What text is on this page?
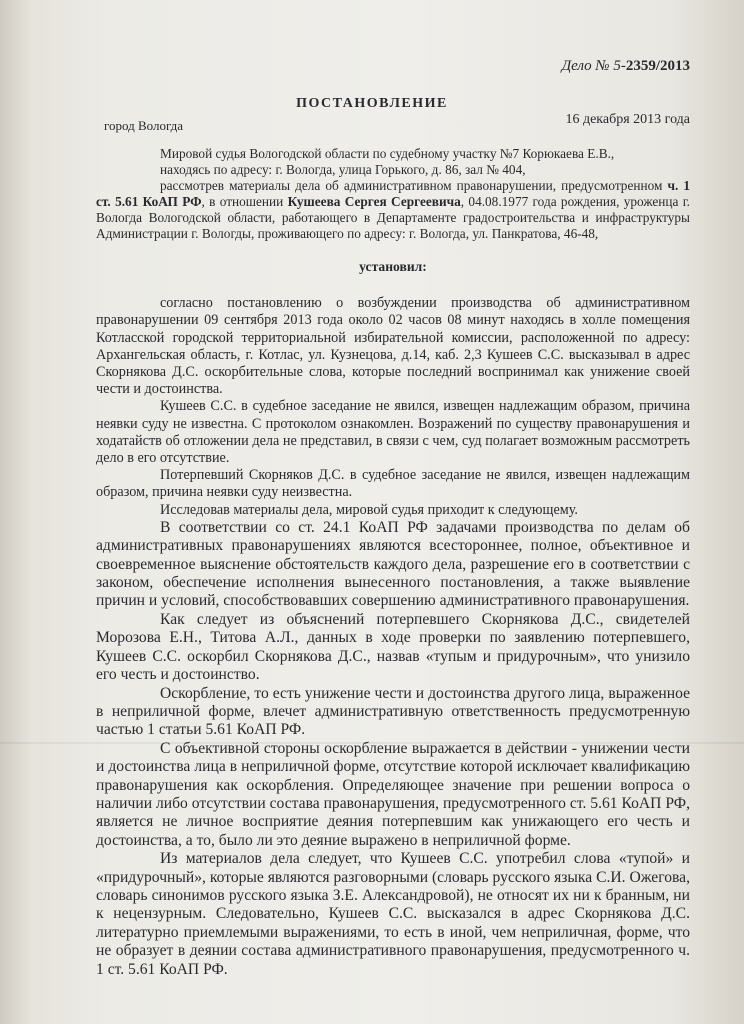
Дело № 5-2359/2013
ПОСТАНОВЛЕНИЕ
город Вологда	16 декабря 2013 года

Мировой судья Вологодской области по судебному участку №7 Корюкаева Е.В.,

находясь по адресу: г. Вологда, улица Горького, д. 86, зал № 404,

рассмотрев материалы дела об административном правонарушении, предусмотренном ч. 1 ст. 5.61 КоАП РФ, в отношении Кушеева Сергея Сергеевича, 04.08.1977 года рождения, уроженца г. Вологда Вологодской области, работающего в Департаменте градостроительства и инфраструктуры Администрации г. Вологды, проживающего по адресу: г. Вологда, ул. Панкратова, 46-48,

установил:

согласно постановлению о возбуждении производства об административном правонарушении 09 сентября 2013 года около 02 часов 08 минут находясь в холле помещения Котласской городской территориальной избирательной комиссии, расположенной по адресу: Архангельская область, г. Котлас, ул. Кузнецова, д.14, каб. 2,3 Кушеев С.С. высказывал в адрес Скорнякова Д.С. оскорбительные слова, которые последний воспринимал как унижение своей чести и достоинства.

Кушеев С.С. в судебное заседание не явился, извещен надлежащим образом, причина неявки суду не известна. С протоколом ознакомлен. Возражений по существу правонарушения и ходатайств об отложении дела не представил, в связи с чем, суд полагает возможным рассмотреть дело в его отсутствие.

Потерпевший Скорняков Д.С. в судебное заседание не явился, извещен надлежащим образом, причина неявки суду неизвестна.

Исследовав материалы дела, мировой судья приходит к следующему.

В соответствии со ст. 24.1 КоАП РФ задачами производства по делам об административных правонарушениях являются всестороннее, полное, объективное и своевременное выяснение обстоятельств каждого дела, разрешение его в соответствии с законом, обеспечение исполнения вынесенного постановления, а также выявление причин и условий, способствовавших совершению административного правонарушения.

Как следует из объяснений потерпевшего Скорнякова Д.С., свидетелей Морозова Е.Н., Титова А.Л., данных в ходе проверки по заявлению потерпевшего, Кушеев С.С. оскорбил Скорнякова Д.С., назвав «тупым и придурочным», что унизило его честь и достоинство.

Оскорбление, то есть унижение чести и достоинства другого лица, выраженное в неприличной форме, влечет административную ответственность предусмотренную частью 1 статьи 5.61 КоАП РФ.

С объективной стороны оскорбление выражается в действии - унижении чести и достоинства лица в неприличной форме, отсутствие которой исключает квалификацию правонарушения как оскорбления. Определяющее значение при решении вопроса о наличии либо отсутствии состава правонарушения, предусмотренного ст. 5.61 КоАП РФ, является не личное восприятие деяния потерпевшим как унижающего его честь и достоинства, а то, было ли это деяние выражено в неприличной форме.

Из материалов дела следует, что Кушеев С.С. употребил слова «тупой» и «придурочный», которые являются разговорными (словарь русского языка С.И. Ожегова, словарь синонимов русского языка З.Е. Александровой), не относят их ни к бранным, ни к нецензурным. Следовательно, Кушеев С.С. высказался в адрес Скорнякова Д.С. литературно приемлемыми выражениями, то есть в иной, чем неприличная, форме, что не образует в деянии состава административного правонарушения, предусмотренного ч. 1 ст. 5.61 КоАП РФ.
